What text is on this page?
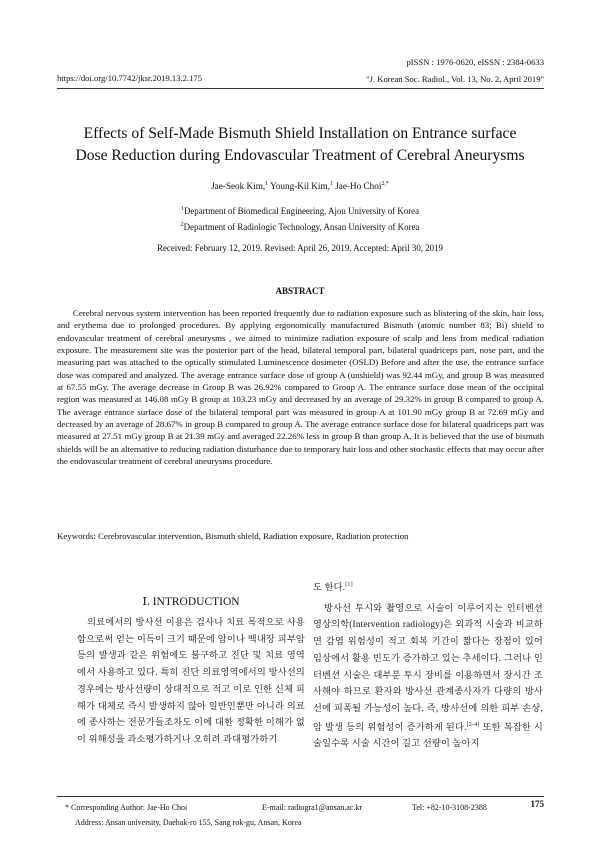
pISSN : 1976-0620, eISSN : 2384-0633
https://doi.org/10.7742/jksr.2019.13.2.175	"J. Korean Soc. Radiol., Vol. 13, No. 2, April 2019"
Effects of Self-Made Bismuth Shield Installation on Entrance surface
Dose Reduction during Endovascular Treatment of Cerebral Aneurysms
Jae-Seok Kim,$^1$ Young-Kil Kim,$^1$ Jae-Ho Choi$^{2,*}$
$^1$Department of Biomedical Engineering, Ajou University of Korea
$^2$Department of Radiologic Technology, Ansan University of Korea
Received: February 12, 2019. Revised: April 26, 2019. Accepted: April 30, 2019
ABSTRACT

Cerebral nervous system intervention has been reported frequently due to radiation exposure such as blistering of the skin, hair loss, and erythema due to prolonged procedures. By applying ergonomically manufactured Bismuth (atomic number 83; Bi) shield to endovascular treatment of cerebral aneurysms , we aimed to minimize radiation exposure of scalp and lens from medical radiation exposure. The measurement site was the posterior part of the head, bilateral temporal part, bilateral quadriceps part, nose part, and the measuring part was attached to the optically stimulated Luminescence dosimeter (OSLD) Before and after the use, the entrance surface dose was compared and analyzed. The average entrance surface dose of group A (unshield) was 92.44 mGy, and group B was measured at 67.55 mGy. The average decrease in Group B was 26.92% compared to Group A. The entrance surface dose mean of the occipital region was measured at 146.08 mGy B group at 103.23 mGy and decreased by an average of 29.32% in group B compared to group A. The average entrance surface dose of the bilateral temporal part was measured in group A at 101.90 mGy group B at 72.69 mGy and decreased by an average of 28.67% in group B compared to group A. The average entrance surface dose for bilateral quadriceps part was measured at 27.51 mGy group B at 21.39 mGy and averaged 22.26% less in group B than group A. It is believed that the use of bismuth shields will be an alternative to reducing radiation disturbance due to temporary hair loss and other stochastic effects that may occur after the endovascular treatment of cerebral aneurysms procedure.

Keywords: Cerebrovascular intervention, Bismuth shield, Radiation exposure, Radiation protection
Ⅰ. INTRODUCTION

의료에서의 방사선 이용은 검사나 치료 목적으로 사용함으로써 얻는 이득이 크기 때문에 암이나 백내장 피부암 등의 발생과 같은 위험에도 불구하고 진단 및 치료 영역에서 사용하고 있다. 특히 진단 의료영역에서의 방사선의 경우에는 방사선량이 상대적으로 적고 이로 인한 신체 피해가 대체로 즉시 발생하지 않아 일반인뿐만 아니라 의료에 종사하는 전문가들조차도 이에 대한 정확한 이해가 없이 위해성을 과소평가하거나 오히려 과대평가하기

도 한다.[1]
방사선 투시와 촬영으로 시술이 이루어지는 인터벤션 영상의학(Intervention radiology)은 외과적 시술과 비교하면 감염 위험성이 적고 회복 기간이 짧다는 장점이 있어 임상에서 활용 빈도가 증가하고 있는 추세이다. 그러나 인터벤션 시술은 대부분 투시 장비를 이용하면서 장시간 조사해야 하므로 환자와 방사선 관계종사자가 다량의 방사선에 피폭될 가능성이 높다. 즉, 방사선에 의한 피부 손상, 암 발생 등의 위험성이 증가하게 된다.[2-4] 또한 복잡한 시술일수록 시술 시간이 길고 선량이 높아지
* Corresponding Author: Jae-Ho Choi	E-mail: radiogra1@ansan.ac.kr	Tel: +82-10-3108-2388
Address: Ansan university, Daehak-ro 155, Sang rok-gu, Ansan, Korea
175
